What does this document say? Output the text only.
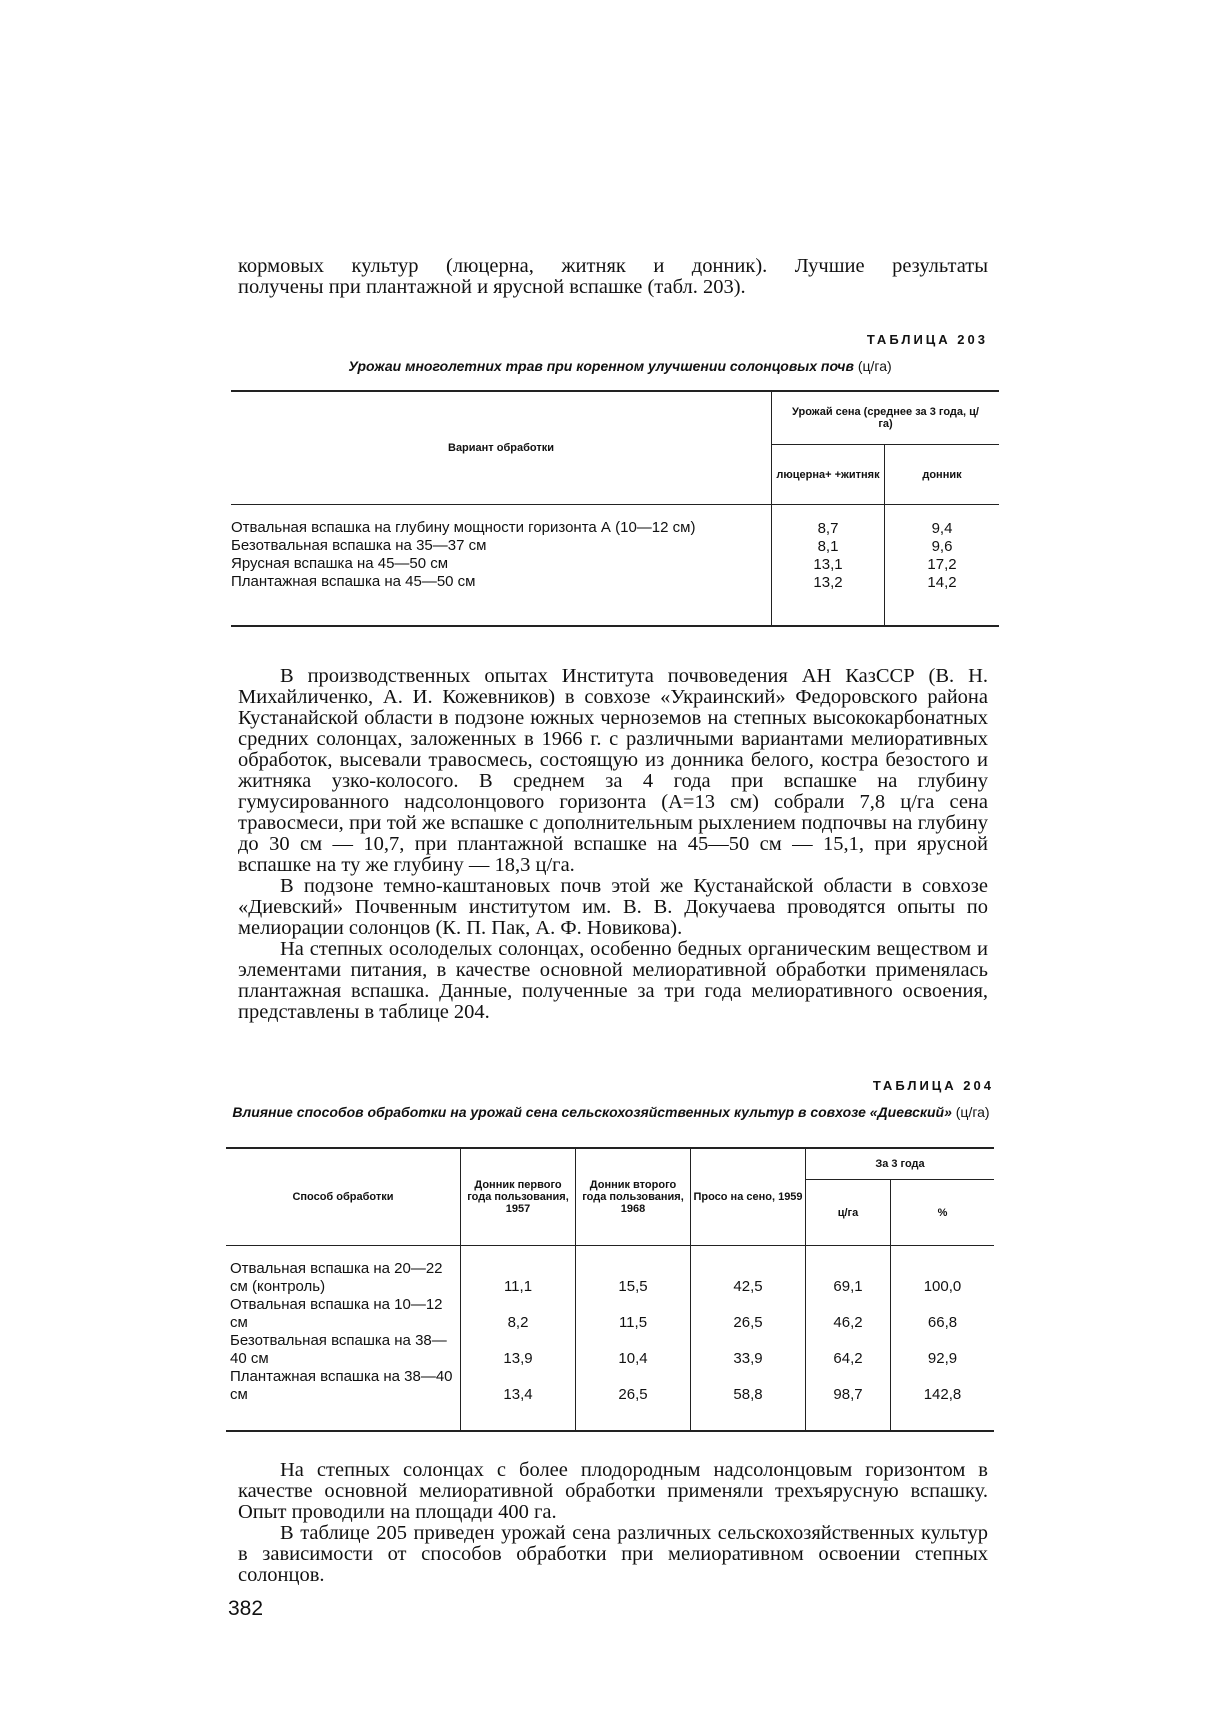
кормовых культур (люцерна, житняк и донник). Лучшие результаты
получены при плантажной и ярусной вспашке (табл. 203).
ТАБЛИЦА 203
Урожаи многолетних трав при коренном улучшении солонцовых почв (ц/га)
Вариант обработки	Урожай сена (среднее за 3 года, ц/га)	
	люцерна+ +житняк	донник

Отвальная вспашка на глубину мощности горизонта А (10—12 см)	8,7	9,4
Безотвальная вспашка на 35—37 см	8,1	9,6
Ярусная вспашка на 45—50 см	13,1	17,2
Плантажная вспашка на 45—50 см	13,2	14,2

В производственных опытах Института почвоведения АН КазССР (В. Н. Михайличенко, А. И. Кожевников) в совхозе «Украинский» Федоровского района Кустанайской области в подзоне южных черноземов на степных высококарбонатных средних солонцах, заложенных в 1966 г. с различными вариантами мелиоративных обработок, высевали травосмесь, состоящую из донника белого, костра безостого и житняка узко-колосого. В среднем за 4 года при вспашке на глубину гумусированного надсолонцового горизонта (А=13 см) собрали 7,8 ц/га сена травосмеси, при той же вспашке с дополнительным рыхлением подпочвы на глубину до 30 см — 10,7, при плантажной вспашке на 45—50 см — 15,1, при ярусной вспашке на ту же глубину — 18,3 ц/га.

В подзоне темно-каштановых почв этой же Кустанайской области в совхозе «Диевский» Почвенным институтом им. В. В. Докучаева проводятся опыты по мелиорации солонцов (К. П. Пак, А. Ф. Новикова).

На степных осолоделых солонцах, особенно бедных органическим веществом и элементами питания, в качестве основной мелиоративной обработки применялась плантажная вспашка. Данные, полученные за три года мелиоративного освоения, представлены в таблице 204.

ТАБЛИЦА 204
Влияние способов обработки на урожай сена сельскохозяйственных культур в совхозе «Диевский» (ц/га)
Способ обработки	Донник первого года пользования, 1957	Донник второго года пользования, 1968	Просо на сено, 1959	За 3 года	
				ц/га	%

Отвальная вспашка на 20—22 см (контроль)	11,1	15,5	42,5	69,1	100,0
Отвальная вспашка на 10—12 см	8,2	11,5	26,5	46,2	66,8
Безотвальная вспашка на 38—40 см	13,9	10,4	33,9	64,2	92,9
Плантажная вспашка на 38—40 см	13,4	26,5	58,8	98,7	142,8

На степных солонцах с более плодородным надсолонцовым горизонтом в качестве основной мелиоративной обработки применяли трехъярусную вспашку. Опыт проводили на площади 400 га.

В таблице 205 приведен урожай сена различных сельскохозяйственных культур в зависимости от способов обработки при мелиоративном освоении степных солонцов.

382
